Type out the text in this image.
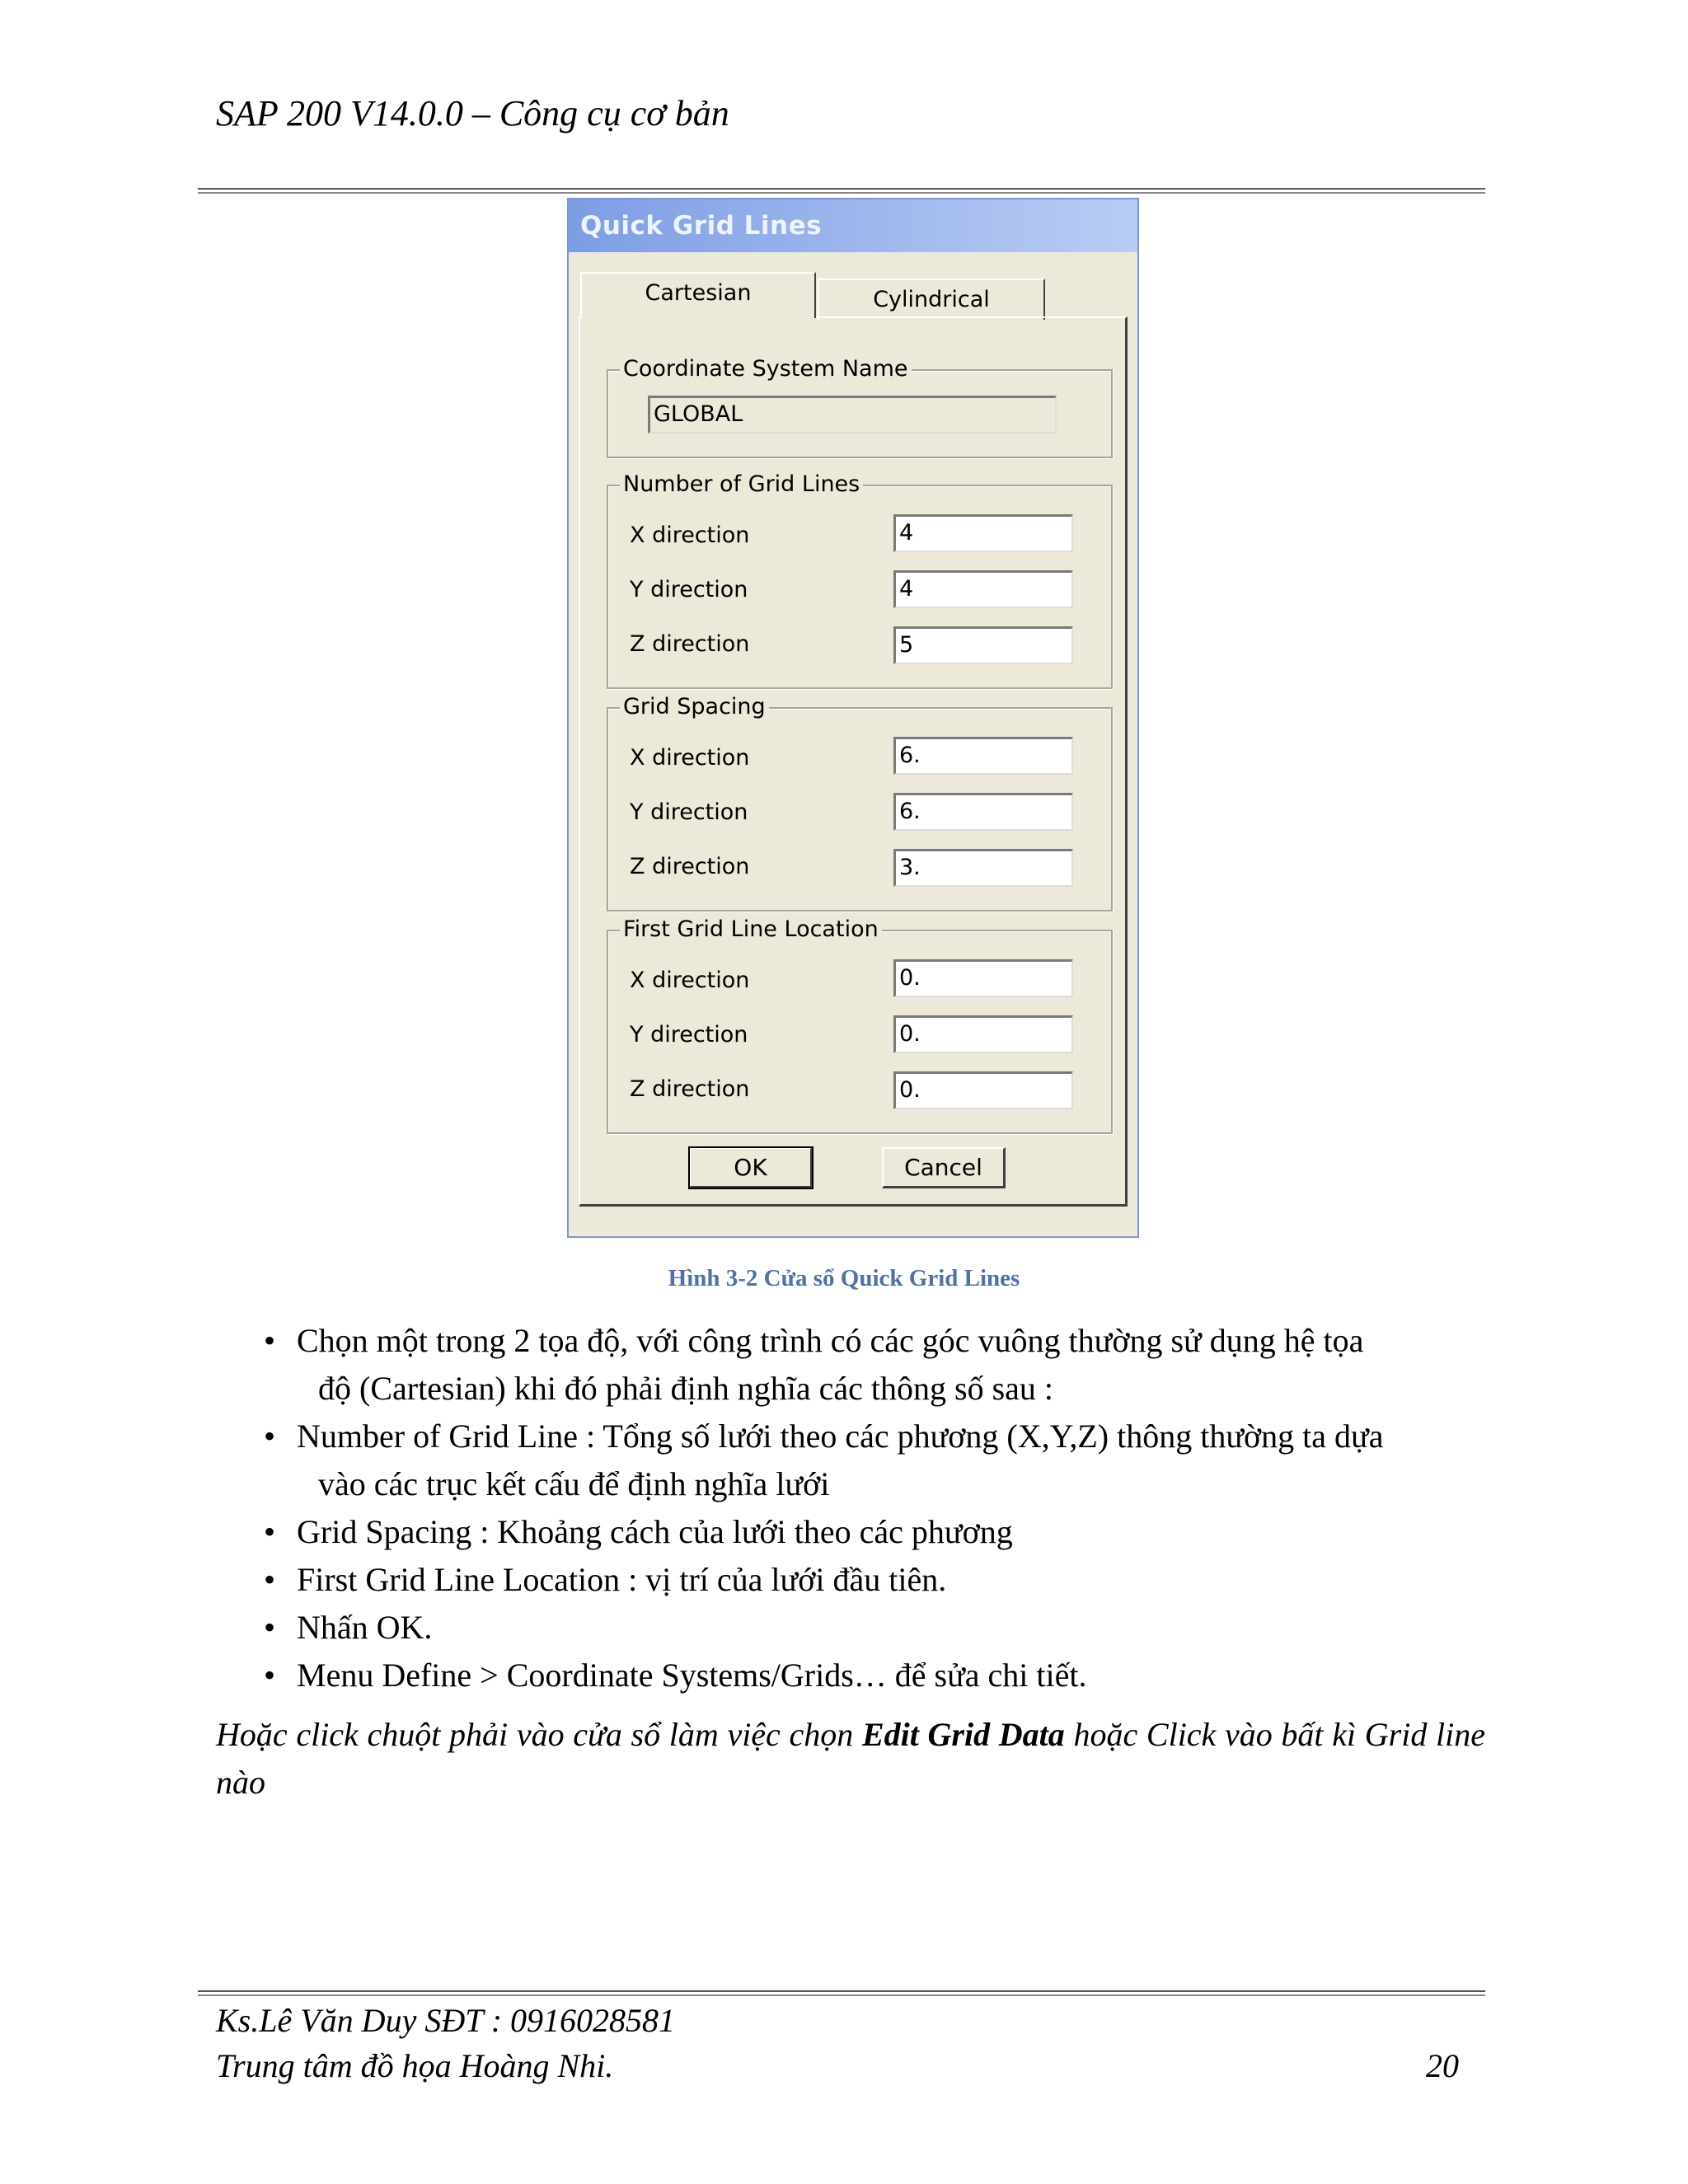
SAP 200 V14.0.0 – Công cụ cơ bản
Quick Grid Lines
Cartesian	Cylindrical
Coordinate System Name
GLOBAL
Number of Grid Lines
X direction	4
Y direction	4
Z direction	5
Grid Spacing
X direction	6.
Y direction	6.
Z direction	3.
First Grid Line Location
X direction	0.
Y direction	0.
Z direction	0.
OK	Cancel
Hình 3-2 Cửa sổ Quick Grid Lines
• Chọn một trong 2 tọa độ, với công trình có các góc vuông thường sử dụng hệ tọa
độ (Cartesian) khi đó phải định nghĩa các thông số sau :
• Number of Grid Line : Tổng số lưới theo các phương (X,Y,Z) thông thường ta dựa
vào các trục kết cấu để định nghĩa lưới
• Grid Spacing : Khoảng cách của lưới theo các phương
• First Grid Line Location : vị trí của lưới đầu tiên.
• Nhấn OK.
• Menu Define > Coordinate Systems/Grids… để sửa chi tiết.
Hoặc click chuột phải vào cửa sổ làm việc chọn Edit Grid Data hoặc Click vào bất kì Grid line nào
Ks.Lê Văn Duy SĐT : 0916028581
Trung tâm đồ họa Hoàng Nhi.	20
